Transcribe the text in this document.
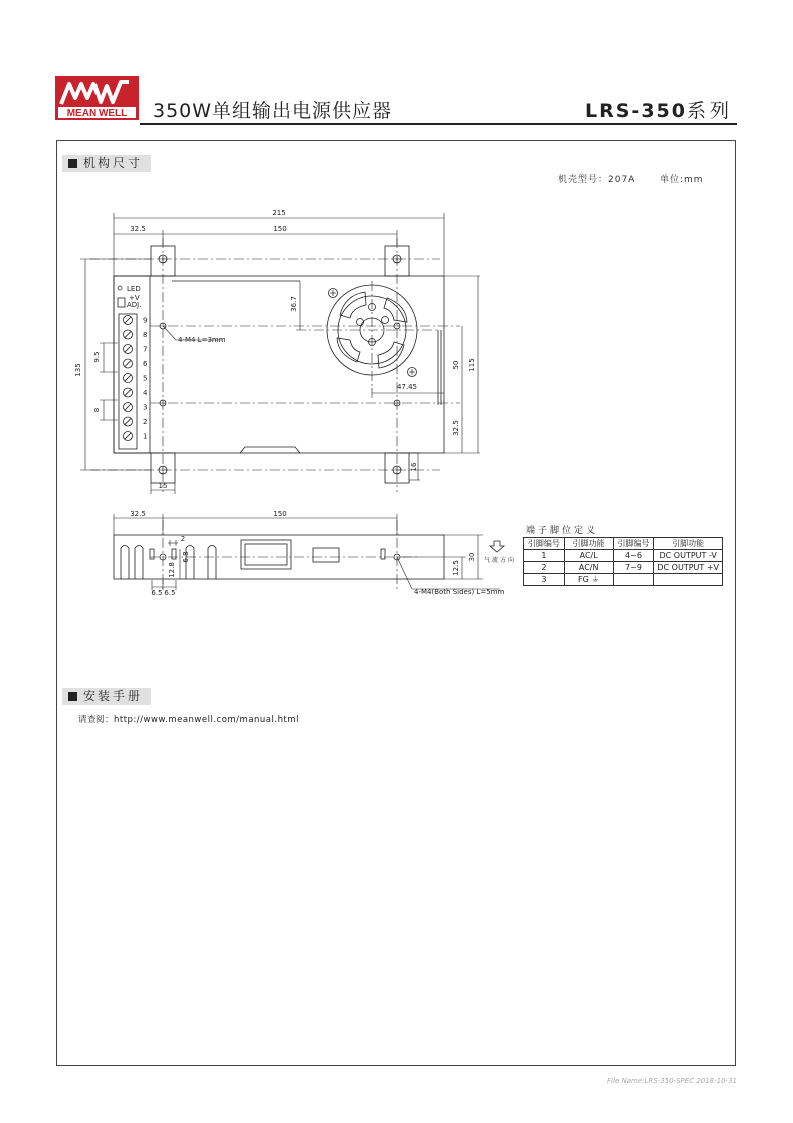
MEAN WELL 350W单组输出电源供应器	LRS-350系列
机构尺寸
机壳型号：207A	单位:mm
LED
+V
ADJ.
9
8
7
6
5
4
3
2
1
215
32.5	150
135	115
50
36.7
47.45
32.5
16
15
9.5
8
4-M4 L=3mm
32.5	150
2
6.8
12.8
6.5 6.5
30
12.5
4-M4(Both Sides) L=5mm
气流方向
端子脚位定义
引脚编号	引脚功能	引脚编号	引脚功能
1	AC/L	4~6	DC OUTPUT -V
2	AC/N	7~9	DC OUTPUT +V
3	FG ⏚		
安装手册
请查阅：http://www.meanwell.com/manual.html
File Name:LRS-350-SPEC 2018-10-31
